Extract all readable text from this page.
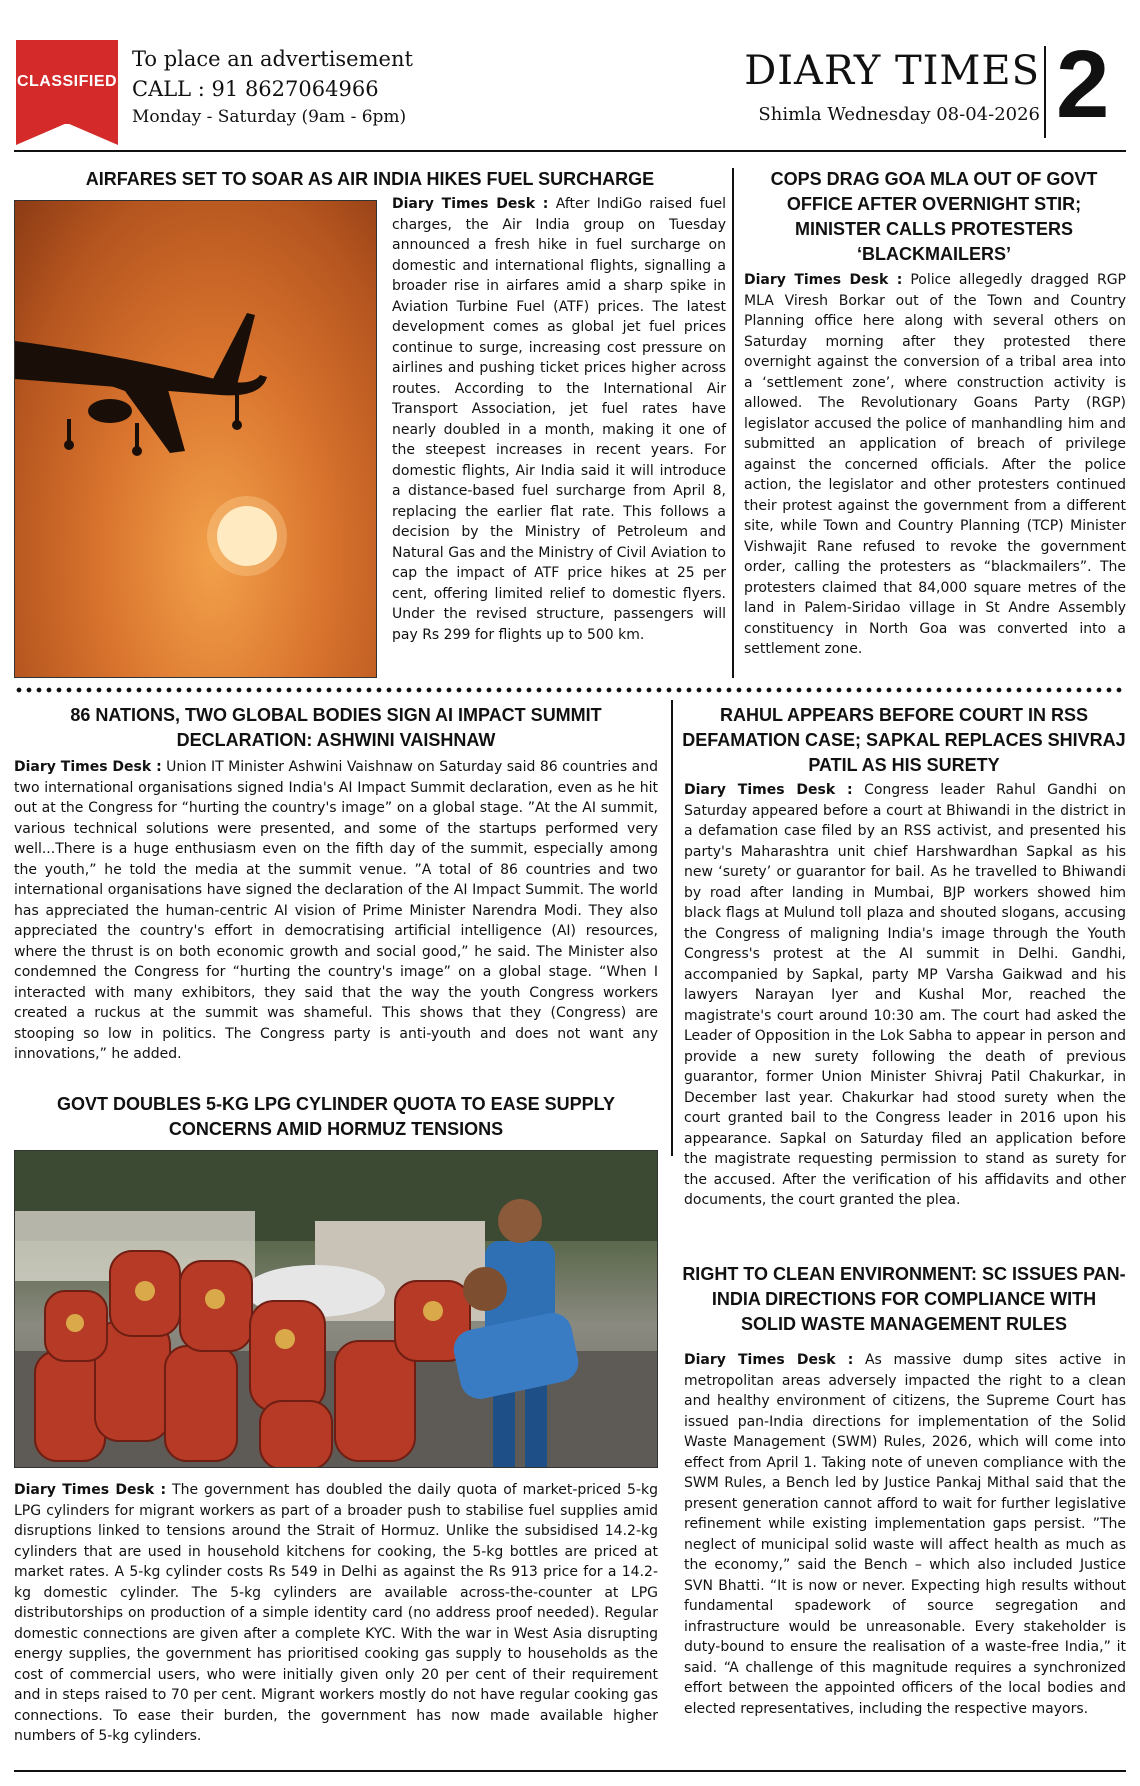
CLASSIFIED
To place an advertisement
CALL : 91 8627064966
Monday - Saturday (9am - 6pm)
DIARY TIMES
Shimla Wednesday 08-04-2026 2
AIRFARES SET TO SOAR AS AIR INDIA HIKES FUEL SURCHARGE
Diary Times Desk : After IndiGo raised fuel charges, the Air India group on Tuesday announced a fresh hike in fuel surcharge on domestic and international flights, signalling a broader rise in airfares amid a sharp spike in Aviation Turbine Fuel (ATF) prices. The latest development comes as global jet fuel prices continue to surge, increasing cost pressure on airlines and pushing ticket prices higher across routes. According to the International Air Transport Association, jet fuel rates have nearly doubled in a month, making it one of the steepest increases in recent years. For domestic flights, Air India said it will introduce a distance-based fuel surcharge from April 8, replacing the earlier flat rate. This follows a decision by the Ministry of Petroleum and Natural Gas and the Ministry of Civil Aviation to cap the impact of ATF price hikes at 25 per cent, offering limited relief to domestic flyers. Under the revised structure, passengers will pay Rs 299 for flights up to 500 km.
COPS DRAG GOA MLA OUT OF GOVT OFFICE AFTER OVERNIGHT STIR; MINISTER CALLS PROTESTERS ‘BLACKMAILERS’
Diary Times Desk : Police allegedly dragged RGP MLA Viresh Borkar out of the Town and Country Planning office here along with several others on Saturday morning after they protested there overnight against the conversion of a tribal area into a ‘settlement zone’, where construction activity is allowed. The Revolutionary Goans Party (RGP) legislator accused the police of manhandling him and submitted an application of breach of privilege against the concerned officials. After the police action, the legislator and other protesters continued their protest against the government from a different site, while Town and Country Planning (TCP) Minister Vishwajit Rane refused to revoke the government order, calling the protesters as “blackmailers”. The protesters claimed that 84,000 square metres of the land in Palem-Siridao village in St Andre Assembly constituency in North Goa was converted into a settlement zone.
86 NATIONS, TWO GLOBAL BODIES SIGN AI IMPACT SUMMIT DECLARATION: ASHWINI VAISHNAW
Diary Times Desk : Union IT Minister Ashwini Vaishnaw on Saturday said 86 countries and two international organisations signed India's AI Impact Summit declaration, even as he hit out at the Congress for “hurting the country's image” on a global stage. ”At the AI summit, various technical solutions were presented, and some of the startups performed very well...There is a huge enthusiasm even on the fifth day of the summit, especially among the youth,” he told the media at the summit venue. ”A total of 86 countries and two international organisations have signed the declaration of the AI Impact Summit. The world has appreciated the human-centric AI vision of Prime Minister Narendra Modi. They also appreciated the country's effort in democratising artificial intelligence (AI) resources, where the thrust is on both economic growth and social good,” he said. The Minister also condemned the Congress for “hurting the country's image” on a global stage. “When I interacted with many exhibitors, they said that the way the youth Congress workers created a ruckus at the summit was shameful. This shows that they (Congress) are stooping so low in politics. The Congress party is anti-youth and does not want any innovations,” he added.
GOVT DOUBLES 5-KG LPG CYLINDER QUOTA TO EASE SUPPLY CONCERNS AMID HORMUZ TENSIONS
Diary Times Desk : The government has doubled the daily quota of market-priced 5-kg LPG cylinders for migrant workers as part of a broader push to stabilise fuel supplies amid disruptions linked to tensions around the Strait of Hormuz. Unlike the subsidised 14.2-kg cylinders that are used in household kitchens for cooking, the 5-kg bottles are priced at market rates. A 5-kg cylinder costs Rs 549 in Delhi as against the Rs 913 price for a 14.2-kg domestic cylinder. The 5-kg cylinders are available across-the-counter at LPG distributorships on production of a simple identity card (no address proof needed). Regular domestic connections are given after a complete KYC. With the war in West Asia disrupting energy supplies, the government has prioritised cooking gas supply to households as the cost of commercial users, who were initially given only 20 per cent of their requirement and in steps raised to 70 per cent. Migrant workers mostly do not have regular cooking gas connections. To ease their burden, the government has now made available higher numbers of 5-kg cylinders.
RAHUL APPEARS BEFORE COURT IN RSS DEFAMATION CASE; SAPKAL REPLACES SHIVRAJ PATIL AS HIS SURETY
Diary Times Desk : Congress leader Rahul Gandhi on Saturday appeared before a court at Bhiwandi in the district in a defamation case filed by an RSS activist, and presented his party's Maharashtra unit chief Harshwardhan Sapkal as his new ‘surety’ or guarantor for bail. As he travelled to Bhiwandi by road after landing in Mumbai, BJP workers showed him black flags at Mulund toll plaza and shouted slogans, accusing the Congress of maligning India's image through the Youth Congress's protest at the AI summit in Delhi. Gandhi, accompanied by Sapkal, party MP Varsha Gaikwad and his lawyers Narayan Iyer and Kushal Mor, reached the magistrate's court around 10:30 am. The court had asked the Leader of Opposition in the Lok Sabha to appear in person and provide a new surety following the death of previous guarantor, former Union Minister Shivraj Patil Chakurkar, in December last year. Chakurkar had stood surety when the court granted bail to the Congress leader in 2016 upon his appearance. Sapkal on Saturday filed an application before the magistrate requesting permission to stand as surety for the accused. After the verification of his affidavits and other documents, the court granted the plea.
RIGHT TO CLEAN ENVIRONMENT: SC ISSUES PAN-INDIA DIRECTIONS FOR COMPLIANCE WITH SOLID WASTE MANAGEMENT RULES
Diary Times Desk : As massive dump sites active in metropolitan areas adversely impacted the right to a clean and healthy environment of citizens, the Supreme Court has issued pan-India directions for implementation of the Solid Waste Management (SWM) Rules, 2026, which will come into effect from April 1. Taking note of uneven compliance with the SWM Rules, a Bench led by Justice Pankaj Mithal said that the present generation cannot afford to wait for further legislative refinement while existing implementation gaps persist. ”The neglect of municipal solid waste will affect health as much as the economy,” said the Bench – which also included Justice SVN Bhatti. “It is now or never. Expecting high results without fundamental spadework of source segregation and infrastructure would be unreasonable. Every stakeholder is duty-bound to ensure the realisation of a waste-free India,” it said. “A challenge of this magnitude requires a synchronized effort between the appointed officers of the local bodies and elected representatives, including the respective mayors.
